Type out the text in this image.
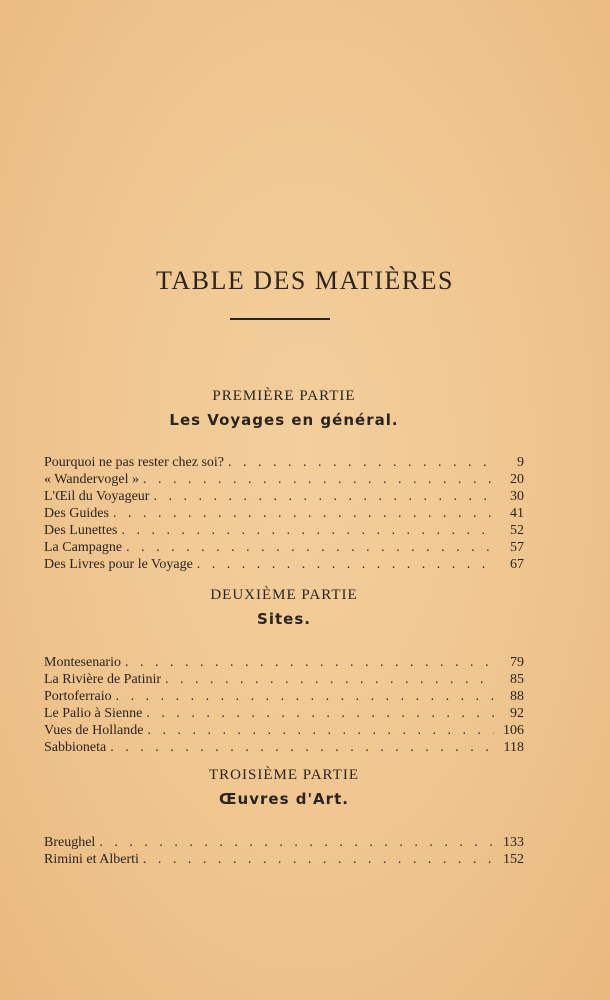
TABLE DES MATIÈRES
PREMIÈRE PARTIE
Les Voyages en général.
Pourquoi ne pas rester chez soi? . . .	9
« Wandervogel » . . .	20
L'Œil du Voyageur . . .	30
Des Guides . . .	41
Des Lunettes . . .	52
La Campagne . . .	57
Des Livres pour le Voyage . . .	67
DEUXIÈME PARTIE
Sites.
Montesenario . . .	79
La Rivière de Patinir . . .	85
Portoferraio . . .	88
Le Palio à Sienne . . .	92
Vues de Hollande . . .	106
Sabbioneta . . .	118
TROISIÈME PARTIE
Œuvres d'Art.
Breughel . . .	133
Rimini et Alberti . . .	152
